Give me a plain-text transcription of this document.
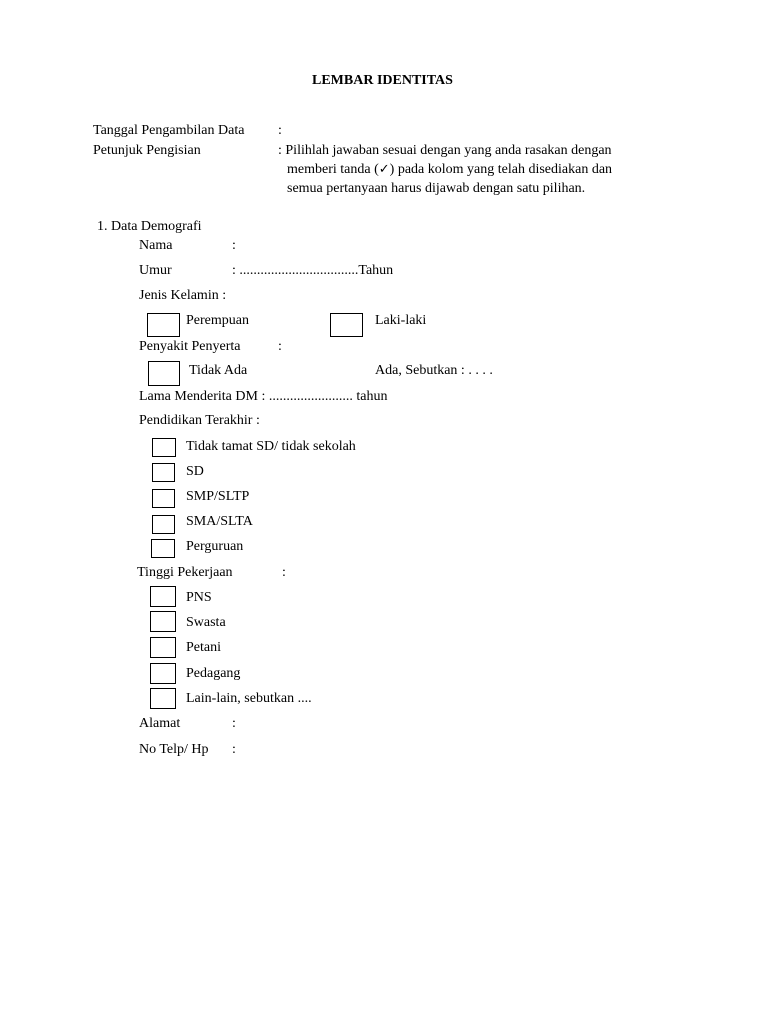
LEMBAR IDENTITAS
Tanggal Pengambilan Data :
Petunjuk Pengisian	: Pilihlah jawaban sesuai dengan yang anda rasakan dengan
memberi tanda (✓) pada kolom yang telah disediakan dan
semua pertanyaan harus dijawab dengan satu pilihan.
1. Data Demografi
Nama	:
Umur	: ..................................Tahun
Jenis Kelamin :
Perempuan	Laki-laki
Penyakit Penyerta	:
Tidak Ada	Ada, Sebutkan : . . . .
Lama Menderita DM : ........................ tahun
Pendidikan Terakhir :
Tidak tamat SD/ tidak sekolah
SD
SMP/SLTP
SMA/SLTA
Perguruan
Tinggi Pekerjaan	:
PNS
Swasta
Petani
Pedagang
Lain-lain, sebutkan ....
Alamat	:
No Telp/ Hp :
